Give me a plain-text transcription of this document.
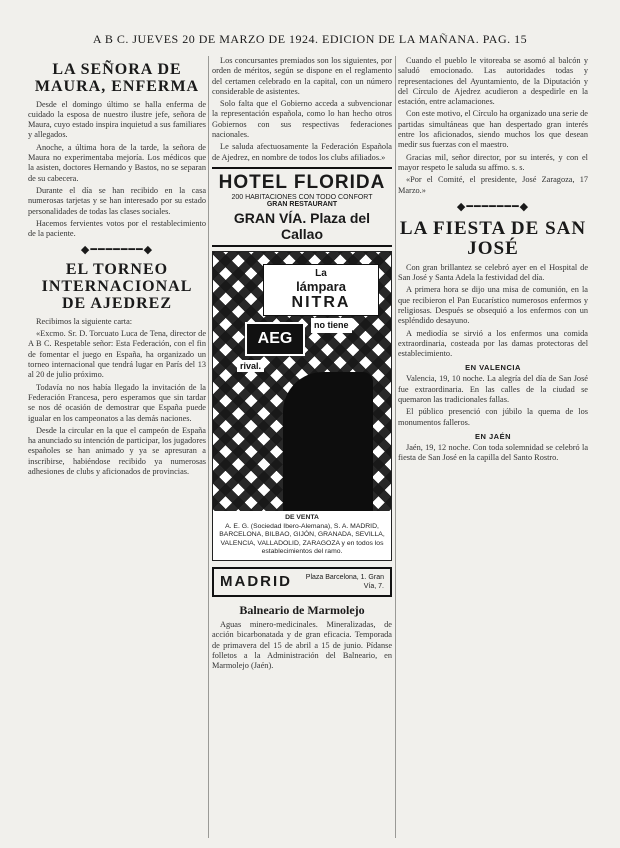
A B C. JUEVES 20 DE MARZO DE 1924. EDICION DE LA MAÑANA. PAG. 15
LA SEÑORA DE MAURA, ENFERMA

Desde el domingo último se halla enferma de cuidado la esposa de nuestro ilustre jefe, señora de Maura, cuyo estado inspira inquietud a sus familiares y allegados.

Anoche, a última hora de la tarde, la señora de Maura no experimentaba mejoría. Los médicos que la asisten, doctores Hernando y Bastos, no se separan de su cabecera.

Durante el día se han recibido en la casa numerosas tarjetas y se han interesado por su estado personalidades de todas las clases sociales.

Hacemos fervientes votos por el restablecimiento de la paciente.

◆━━━━━━━◆
EL TORNEO INTERNACIONAL DE AJEDREZ

Recibimos la siguiente carta:

«Excmo. Sr. D. Torcuato Luca de Tena, director de A B C. Respetable señor: Esta Federación, con el fin de fomentar el juego en España, ha organizado un torneo internacional que tendrá lugar en París del 13 al 20 de julio próximo.

Todavía no nos había llegado la invitación de la Federación Francesa, pero esperamos que sin tardar se nos dé ocasión de demostrar que España puede igualar en los campeonatos a las demás naciones.

Desde la circular en la que el campeón de España ha anunciado su intención de participar, los jugadores españoles se han animado y ya se apresuran a inscribirse, habiéndose recibido ya numerosas adhesiones de clubs y aficionados de provincias.

Los concursantes premiados son los siguientes, por orden de méritos, según se dispone en el reglamento del certamen celebrado en la capital, con un número considerable de asistentes.

Solo falta que el Gobierno acceda a subvencionar la representación española, como lo han hecho otros Gobiernos con sus respectivas federaciones nacionales.

Le saluda afectuosamente la Federación Española de Ajedrez, en nombre de todos los clubs afiliados.»

HOTEL FLORIDA
200 HABITACIONES CON TODO CONFORT
GRAN RESTAURANT
GRAN VÍA. Plaza del Callao
La
lámpara
NITRA
AEG
no tiene
rival.
DE VENTA
A. E. G. (Sociedad Ibero-Alemana), S. A. MADRID, BARCELONA, BILBAO, GIJÓN, GRANADA, SEVILLA, VALENCIA, VALLADOLID, ZARAGOZA y en todos los establecimientos del ramo.
MADRID	Plaza Barcelona, 1. Gran Vía, 7.
Balneario de Marmolejo

Aguas minero-medicinales. Mineralizadas, de acción bicarbonatada y de gran eficacia. Temporada de primavera del 15 de abril a 15 de junio. Pídanse folletos a la Administración del Balneario, en Marmolejo (Jaén).

Cuando el pueblo le vitoreaba se asomó al balcón y saludó emocionado. Las autoridades todas y representaciones del Ayuntamiento, de la Diputación y del Círculo de Ajedrez acudieron a despedirle en la estación, entre aclamaciones.

Con este motivo, el Círculo ha organizado una serie de partidas simultáneas que han despertado gran interés entre los aficionados, siendo muchos los que desean medir sus fuerzas con el maestro.

Gracias mil, señor director, por su interés, y con el mayor respeto le saluda su affmo. s. s.

«Por el Comité, el presidente, José Zaragoza, 17 Marzo.»

◆━━━━━━━◆
LA FIESTA DE SAN JOSÉ

Con gran brillantez se celebró ayer en el Hospital de San José y Santa Adela la festividad del día.

A primera hora se dijo una misa de comunión, en la que recibieron el Pan Eucarístico numerosos enfermos y religiosas. Después se obsequió a los enfermos con un espléndido desayuno.

A mediodía se sirvió a los enfermos una comida extraordinaria, costeada por las damas protectoras del establecimiento.

EN VALENCIA

Valencia, 19, 10 noche. La alegría del día de San José fue extraordinaria. En las calles de la ciudad se quemaron las tradicionales fallas.

El público presenció con júbilo la quema de los monumentos falleros.

EN JAÉN

Jaén, 19, 12 noche. Con toda solemnidad se celebró la fiesta de San José en la capilla del Santo Rostro.
